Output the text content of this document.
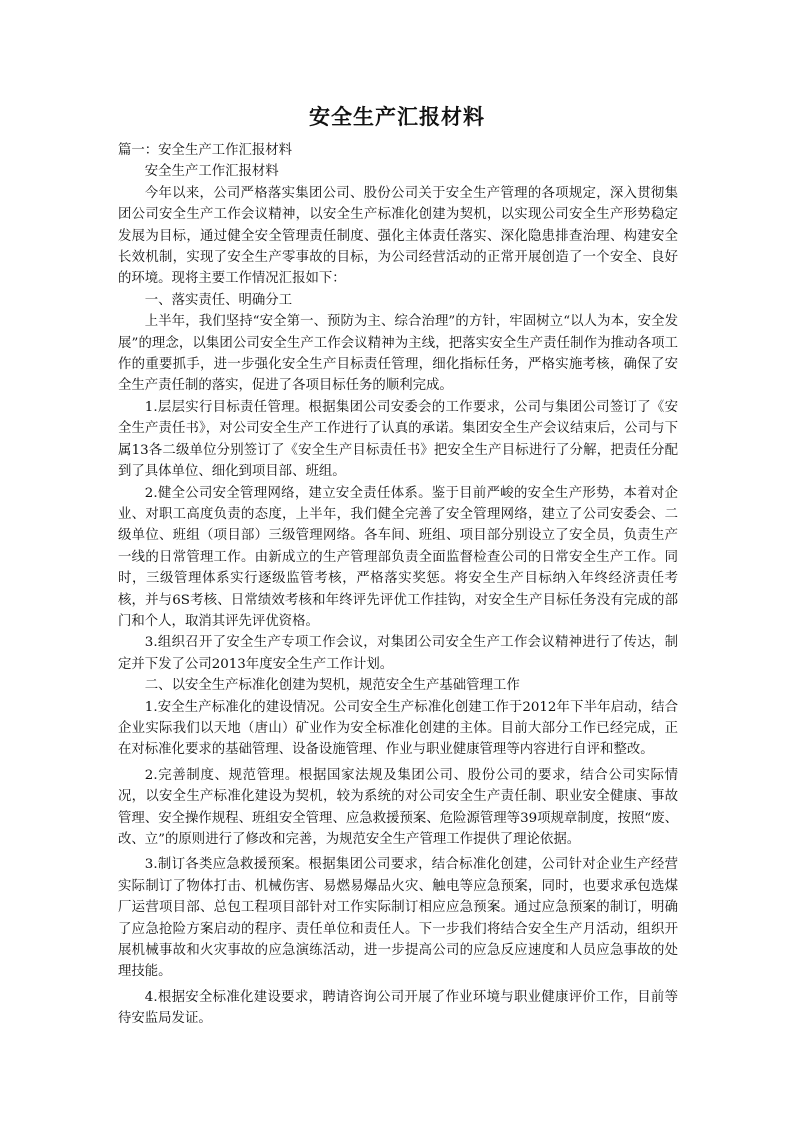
安全生产汇报材料

篇一：安全生产工作汇报材料

安全生产工作汇报材料

今年以来，公司严格落实集团公司、股份公司关于安全生产管理的各项规定，深入贯彻集团公司安全生产工作会议精神，以安全生产标准化创建为契机，以实现公司安全生产形势稳定发展为目标，通过健全安全管理责任制度、强化主体责任落实、深化隐患排查治理、构建安全长效机制，实现了安全生产零事故的目标，为公司经营活动的正常开展创造了一个安全、良好的环境。现将主要工作情况汇报如下：

一、落实责任、明确分工

上半年，我们坚持“安全第一、预防为主、综合治理”的方针，牢固树立“以人为本，安全发展”的理念，以集团公司安全生产工作会议精神为主线，把落实安全生产责任制作为推动各项工作的重要抓手，进一步强化安全生产目标责任管理，细化指标任务，严格实施考核，确保了安全生产责任制的落实，促进了各项目标任务的顺利完成。

1.层层实行目标责任管理。根据集团公司安委会的工作要求，公司与集团公司签订了《安全生产责任书》，对公司安全生产工作进行了认真的承诺。集团安全生产会议结束后，公司与下属13各二级单位分别签订了《安全生产目标责任书》把安全生产目标进行了分解，把责任分配到了具体单位、细化到项目部、班组。

2.健全公司安全管理网络，建立安全责任体系。鉴于目前严峻的安全生产形势，本着对企业、对职工高度负责的态度，上半年，我们健全完善了安全管理网络，建立了公司安委会、二级单位、班组（项目部）三级管理网络。各车间、班组、项目部分别设立了安全员，负责生产一线的日常管理工作。由新成立的生产管理部负责全面监督检查公司的日常安全生产工作。同时，三级管理体系实行逐级监管考核，严格落实奖惩。将安全生产目标纳入年终经济责任考核，并与6S考核、日常绩效考核和年终评先评优工作挂钩，对安全生产目标任务没有完成的部门和个人，取消其评先评优资格。

3.组织召开了安全生产专项工作会议，对集团公司安全生产工作会议精神进行了传达，制定并下发了公司2013年度安全生产工作计划。

二、以安全生产标准化创建为契机，规范安全生产基础管理工作

1.安全生产标准化的建设情况。公司安全生产标准化创建工作于2012年下半年启动，结合企业实际我们以天地（唐山）矿业作为安全标准化创建的主体。目前大部分工作已经完成，正在对标准化要求的基础管理、设备设施管理、作业与职业健康管理等内容进行自评和整改。

2.完善制度、规范管理。根据国家法规及集团公司、股份公司的要求，结合公司实际情况，以安全生产标准化建设为契机，较为系统的对公司安全生产责任制、职业安全健康、事故管理、安全操作规程、班组安全管理、应急救援预案、危险源管理等39项规章制度，按照“废、改、立”的原则进行了修改和完善，为规范安全生产管理工作提供了理论依据。

3.制订各类应急救援预案。根据集团公司要求，结合标准化创建，公司针对企业生产经营实际制订了物体打击、机械伤害、易燃易爆品火灾、触电等应急预案，同时，也要求承包选煤厂运营项目部、总包工程项目部针对工作实际制订相应应急预案。通过应急预案的制订，明确了应急抢险方案启动的程序、责任单位和责任人。下一步我们将结合安全生产月活动，组织开展机械事故和火灾事故的应急演练活动，进一步提高公司的应急反应速度和人员应急事故的处理技能。

4.根据安全标准化建设要求，聘请咨询公司开展了作业环境与职业健康评价工作，目前等待安监局发证。
